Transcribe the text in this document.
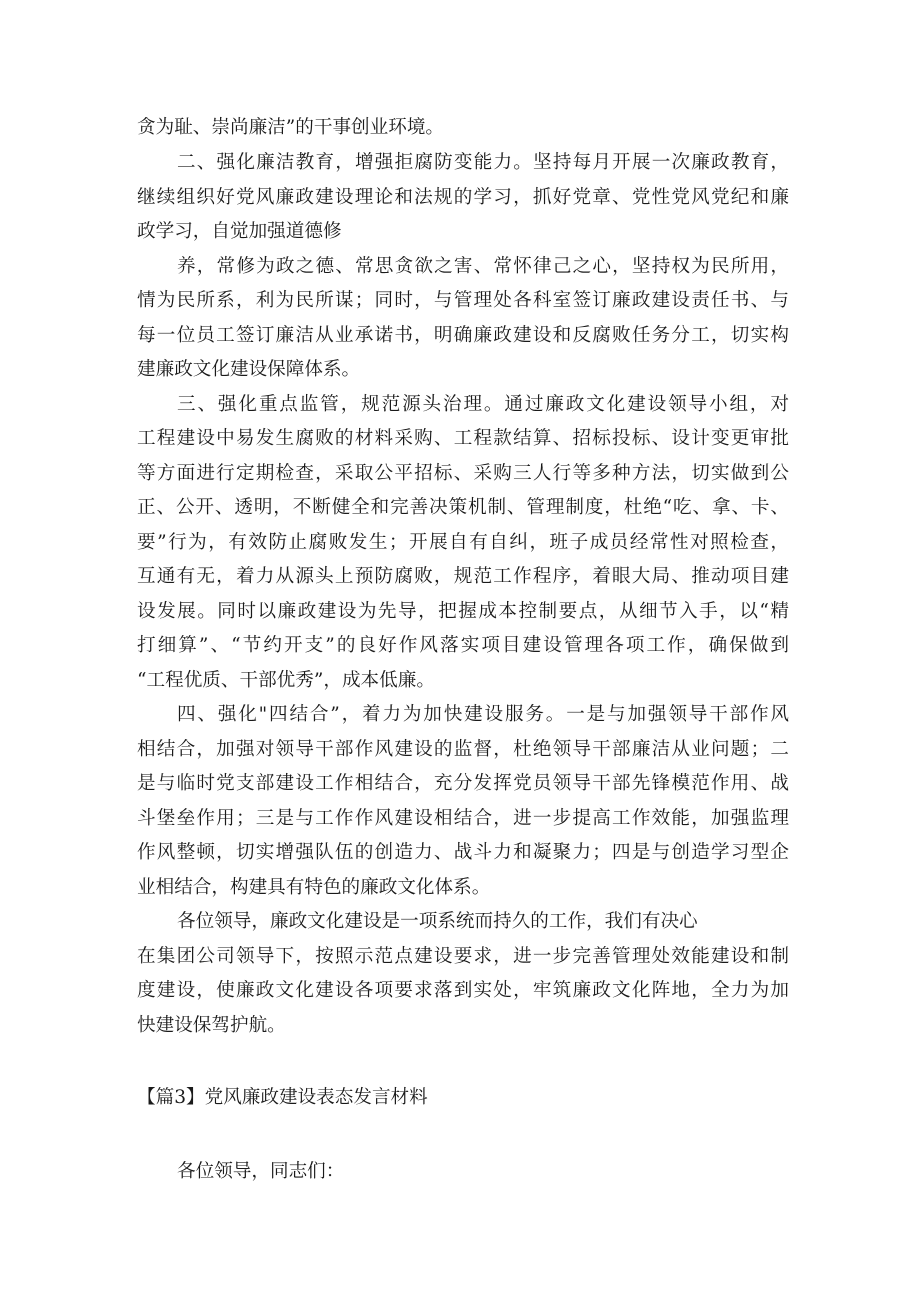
贪为耻、崇尚廉洁”的干事创业环境。
二、强化廉洁教育，增强拒腐防变能力。坚持每月开展一次廉政教育，
继续组织好党风廉政建设理论和法规的学习，抓好党章、党性党风党纪和廉
政学习，自觉加强道德修
养，常修为政之德、常思贪欲之害、常怀律己之心，坚持权为民所用，
情为民所系，利为民所谋；同时，与管理处各科室签订廉政建设责任书、与
每一位员工签订廉洁从业承诺书，明确廉政建设和反腐败任务分工，切实构
建廉政文化建设保障体系。
三、强化重点监管，规范源头治理。通过廉政文化建设领导小组，对
工程建设中易发生腐败的材料采购、工程款结算、招标投标、设计变更审批
等方面进行定期检查，采取公平招标、采购三人行等多种方法，切实做到公
正、公开、透明，不断健全和完善决策机制、管理制度，杜绝“吃、拿、卡、
要”行为，有效防止腐败发生；开展自有自纠，班子成员经常性对照检查，
互通有无，着力从源头上预防腐败，规范工作程序，着眼大局、推动项目建
设发展。同时以廉政建设为先导，把握成本控制要点，从细节入手，以“精
打细算”、“节约开支”的良好作风落实项目建设管理各项工作，确保做到
“工程优质、干部优秀”，成本低廉。
四、强化"四结合”，着力为加快建设服务。一是与加强领导干部作风
相结合，加强对领导干部作风建设的监督，杜绝领导干部廉洁从业问题；二
是与临时党支部建设工作相结合，充分发挥党员领导干部先锋模范作用、战
斗堡垒作用；三是与工作作风建设相结合，进一步提高工作效能，加强监理
作风整顿，切实增强队伍的创造力、战斗力和凝聚力；四是与创造学习型企
业相结合，构建具有特色的廉政文化体系。
各位领导，廉政文化建设是一项系统而持久的工作，我们有决心
在集团公司领导下，按照示范点建设要求，进一步完善管理处效能建设和制
度建设，使廉政文化建设各项要求落到实处，牢筑廉政文化阵地，全力为加
快建设保驾护航。
【篇3】党风廉政建设表态发言材料
各位领导，同志们：
